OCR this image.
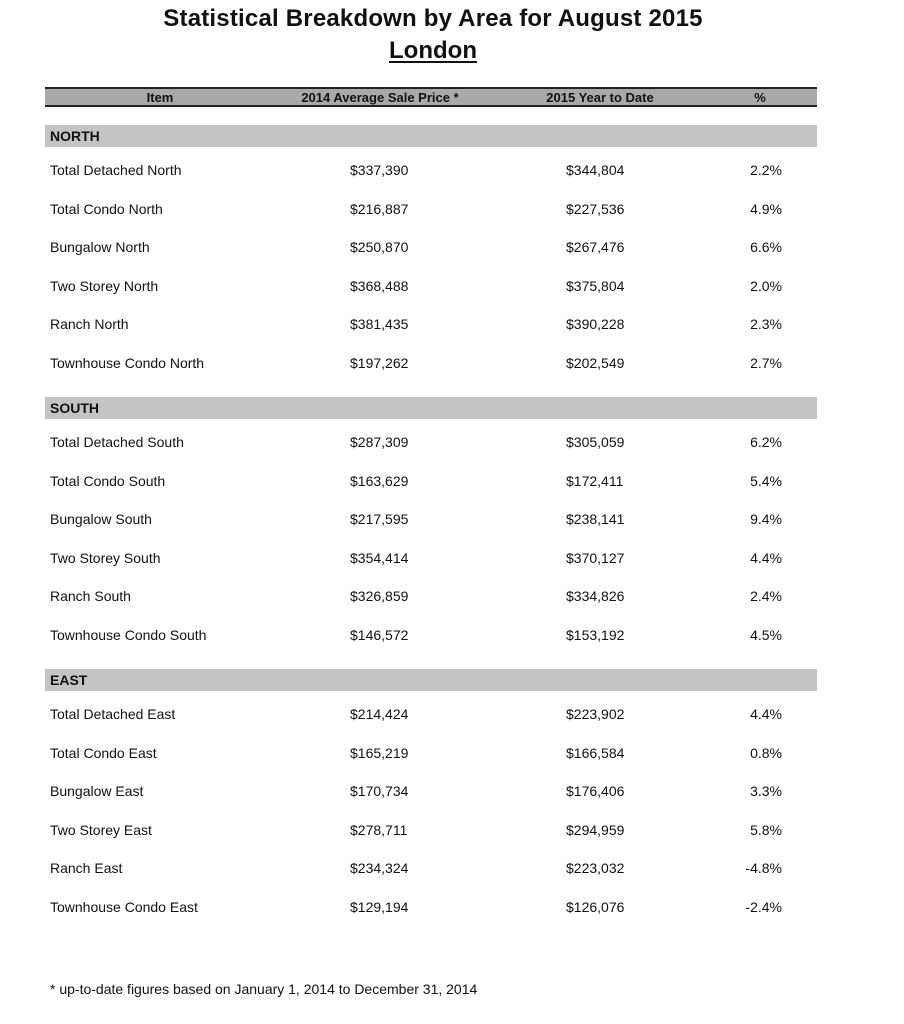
Statistical Breakdown by Area for August 2015
London
Item	2014 Average Sale Price *	2015 Year to Date	%
NORTH
Total Detached North	$337,390	$344,804	2.2%
Total Condo North	$216,887	$227,536	4.9%
Bungalow North	$250,870	$267,476	6.6%
Two Storey North	$368,488	$375,804	2.0%
Ranch North	$381,435	$390,228	2.3%
Townhouse Condo North	$197,262	$202,549	2.7%
SOUTH
Total Detached South	$287,309	$305,059	6.2%
Total Condo South	$163,629	$172,411	5.4%
Bungalow South	$217,595	$238,141	9.4%
Two Storey South	$354,414	$370,127	4.4%
Ranch South	$326,859	$334,826	2.4%
Townhouse Condo South	$146,572	$153,192	4.5%
EAST
Total Detached East	$214,424	$223,902	4.4%
Total Condo East	$165,219	$166,584	0.8%
Bungalow East	$170,734	$176,406	3.3%
Two Storey East	$278,711	$294,959	5.8%
Ranch East	$234,324	$223,032	-4.8%
Townhouse Condo East	$129,194	$126,076	-2.4%
* up-to-date figures based on January 1, 2014 to December 31, 2014
